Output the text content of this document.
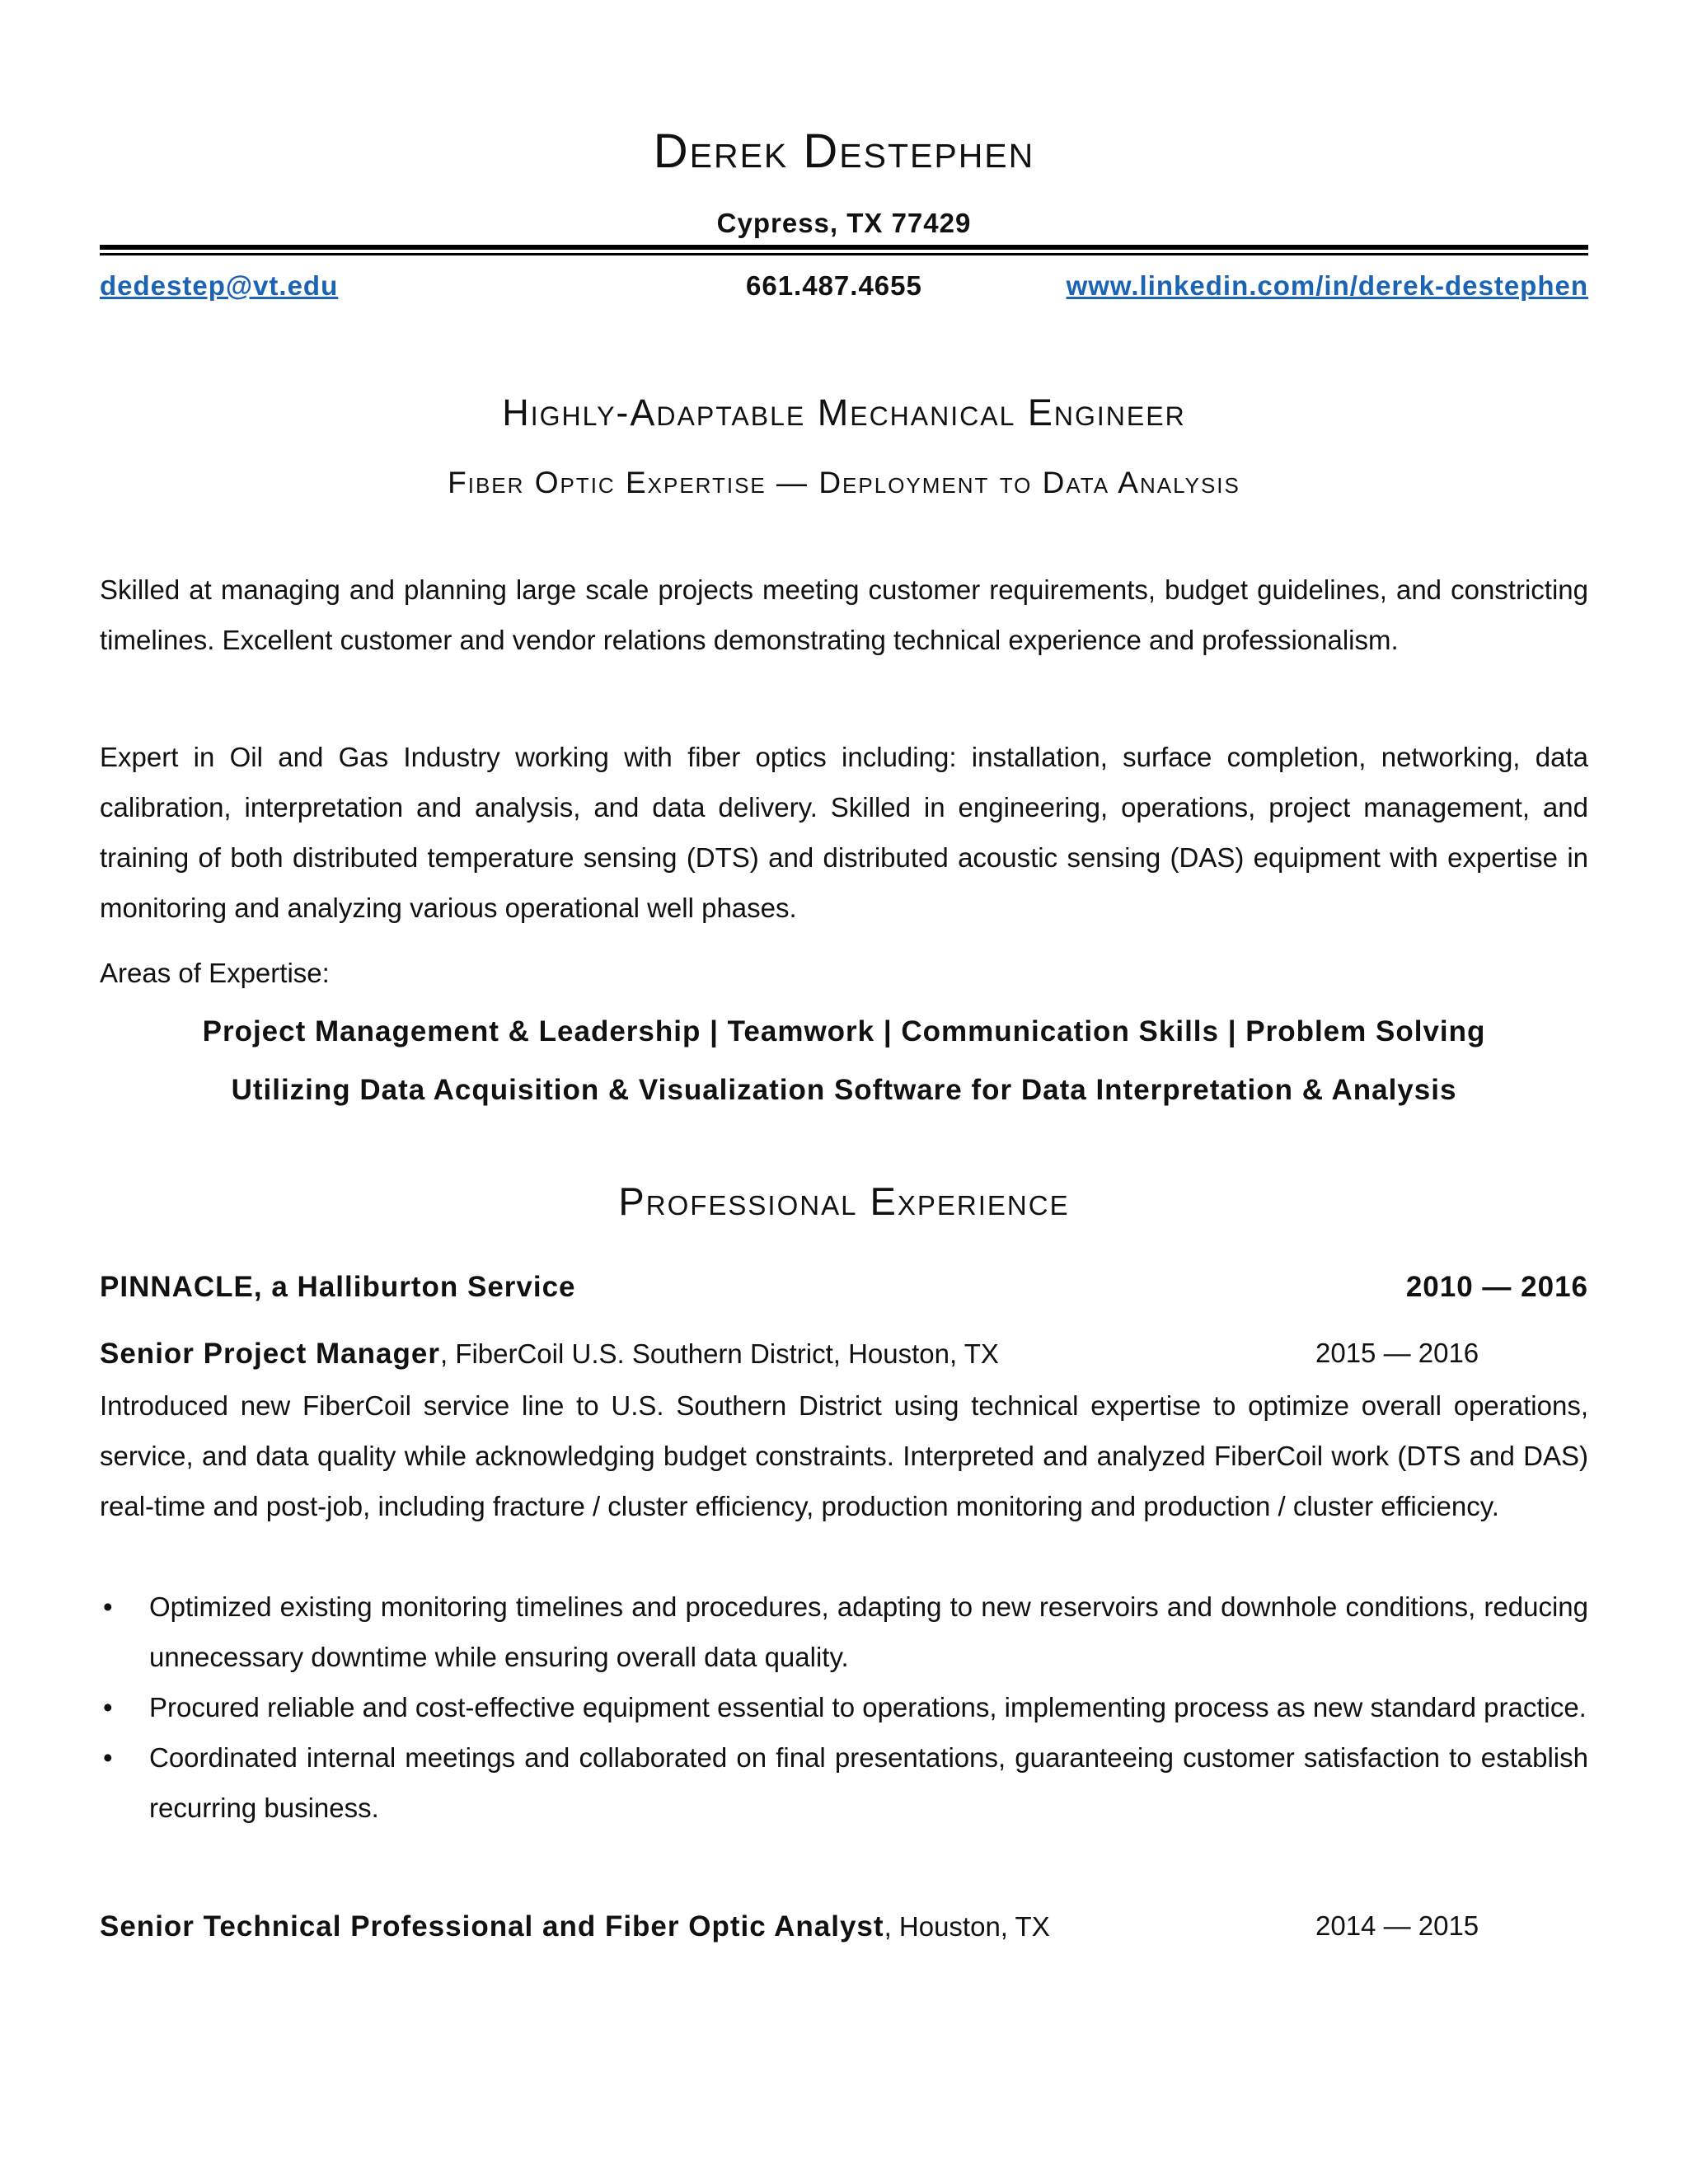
Derek Destephen
Cypress, TX 77429
dedestep@vt.edu	661.487.4655	www.linkedin.com/in/derek-destephen
Highly-Adaptable Mechanical Engineer
Fiber Optic Expertise — Deployment to Data Analysis

Skilled at managing and planning large scale projects meeting customer requirements, budget guidelines, and constricting timelines. Excellent customer and vendor relations demonstrating technical experience and professionalism.

Expert in Oil and Gas Industry working with fiber optics including: installation, surface completion, networking, data calibration, interpretation and analysis, and data delivery. Skilled in engineering, operations, project management, and training of both distributed temperature sensing (DTS) and distributed acoustic sensing (DAS) equipment with expertise in monitoring and analyzing various operational well phases.

Areas of Expertise:
Project Management & Leadership | Teamwork | Communication Skills | Problem Solving
Utilizing Data Acquisition & Visualization Software for Data Interpretation & Analysis
Professional Experience
PINNACLE, a Halliburton Service	2010 — 2016
Senior Project Manager, FiberCoil U.S. Southern District, Houston, TX	2015 — 2016

Introduced new FiberCoil service line to U.S. Southern District using technical expertise to optimize overall operations, service, and data quality while acknowledging budget constraints. Interpreted and analyzed FiberCoil work (DTS and DAS) real-time and post-job, including fracture / cluster efficiency, production monitoring and production / cluster efficiency.

• Optimized existing monitoring timelines and procedures, adapting to new reservoirs and downhole conditions, reducing unnecessary downtime while ensuring overall data quality.
• Procured reliable and cost-effective equipment essential to operations, implementing process as new standard practice.
• Coordinated internal meetings and collaborated on final presentations, guaranteeing customer satisfaction to establish recurring business.
Senior Technical Professional and Fiber Optic Analyst, Houston, TX	2014 — 2015
